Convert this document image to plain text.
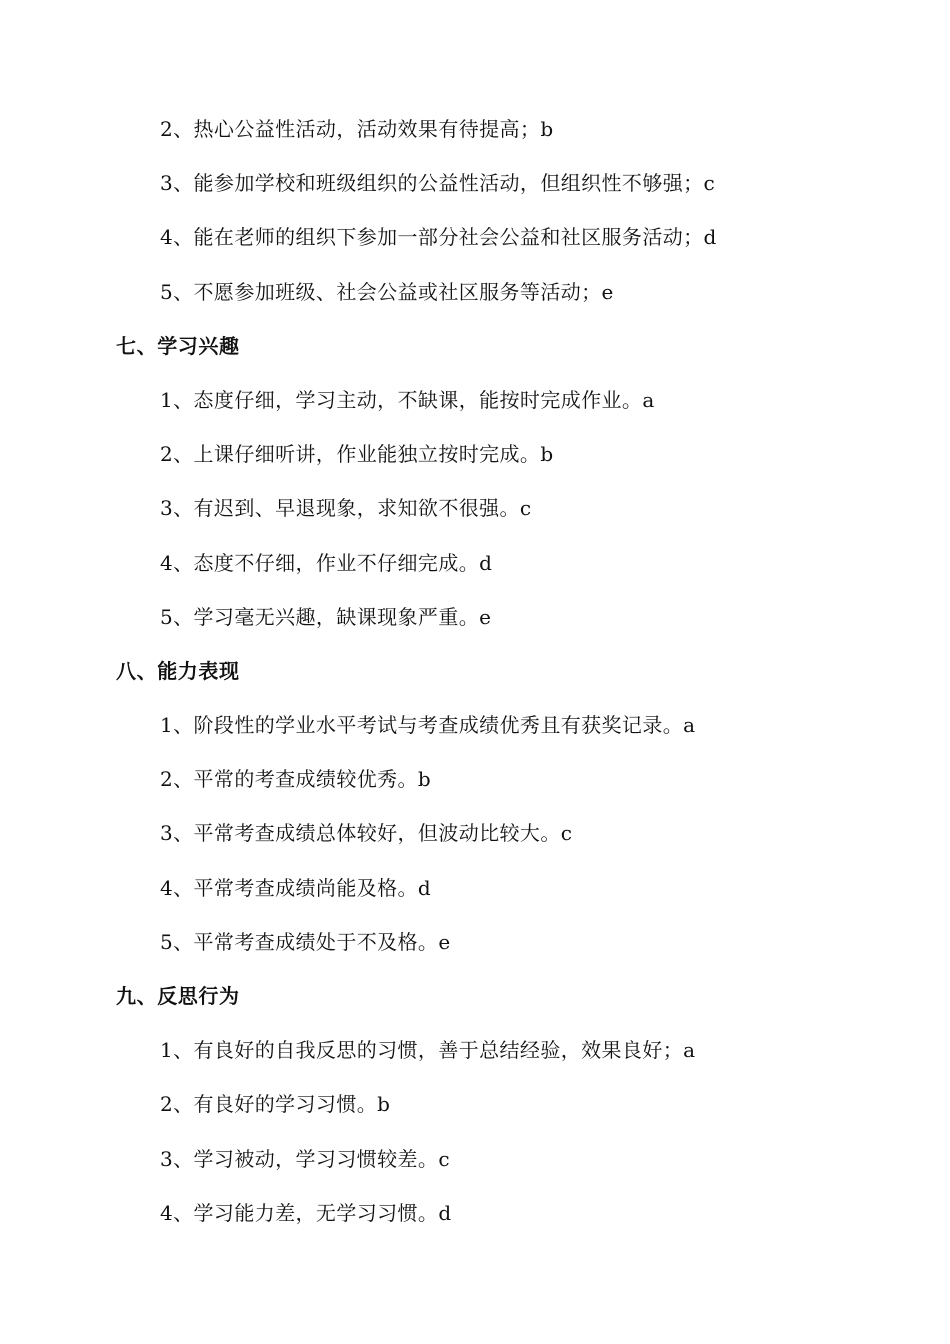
2、热心公益性活动，活动效果有待提高；b
3、能参加学校和班级组织的公益性活动，但组织性不够强；c
4、能在老师的组织下参加一部分社会公益和社区服务活动；d
5、不愿参加班级、社会公益或社区服务等活动；e
七、学习兴趣
1、态度仔细，学习主动，不缺课，能按时完成作业。a
2、上课仔细听讲，作业能独立按时完成。b
3、有迟到、早退现象，求知欲不很强。c
4、态度不仔细，作业不仔细完成。d
5、学习毫无兴趣，缺课现象严重。e
八、能力表现
1、阶段性的学业水平考试与考查成绩优秀且有获奖记录。a
2、平常的考查成绩较优秀。b
3、平常考查成绩总体较好，但波动比较大。c
4、平常考查成绩尚能及格。d
5、平常考查成绩处于不及格。e
九、反思行为
1、有良好的自我反思的习惯，善于总结经验，效果良好；a
2、有良好的学习习惯。b
3、学习被动，学习习惯较差。c
4、学习能力差，无学习习惯。d
